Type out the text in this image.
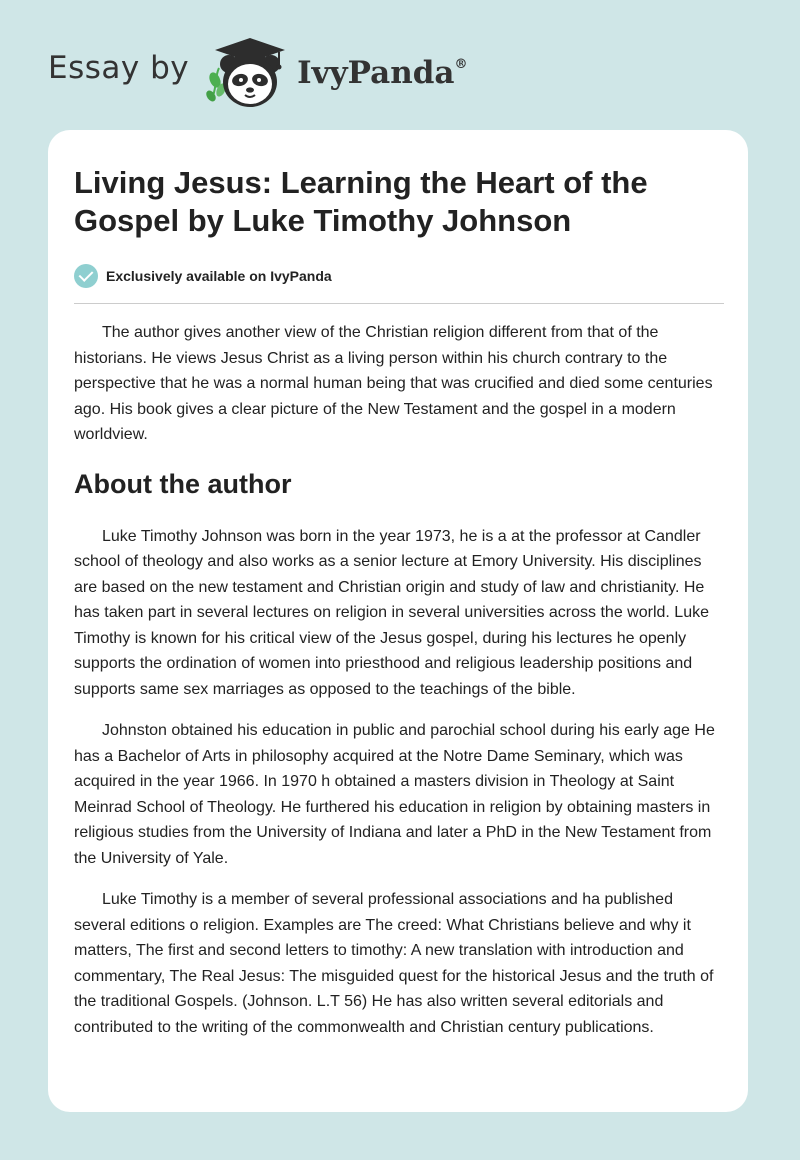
Essay by	IvyPanda®
Living Jesus: Learning the Heart of the Gospel by Luke Timothy Johnson
Exclusively available on IvyPanda

The author gives another view of the Christian religion different from that of the historians. He views Jesus Christ as a living person within his church contrary to the perspective that he was a normal human being that was crucified and died some centuries ago. His book gives a clear picture of the New Testament and the gospel in a modern worldview.

About the author

Luke Timothy Johnson was born in the year 1973, he is a at the professor at Candler school of theology and also works as a senior lecture at Emory University. His disciplines are based on the new testament and Christian origin and study of law and christianity. He has taken part in several lectures on religion in several universities across the world. Luke Timothy is known for his critical view of the Jesus gospel, during his lectures he openly supports the ordination of women into priesthood and religious leadership positions and supports same sex marriages as opposed to the teachings of the bible.

Johnston obtained his education in public and parochial school during his early age He has a Bachelor of Arts in philosophy acquired at the Notre Dame Seminary, which was acquired in the year 1966. In 1970 h obtained a masters division in Theology at Saint Meinrad School of Theology. He furthered his education in religion by obtaining masters in religious studies from the University of Indiana and later a PhD in the New Testament from the University of Yale.

Luke Timothy is a member of several professional associations and ha published several editions o religion. Examples are The creed: What Christians believe and why it matters, The first and second letters to timothy: A new translation with introduction and commentary, The Real Jesus: The misguided quest for the historical Jesus and the truth of the traditional Gospels. (Johnson. L.T 56) He has also written several editorials and contributed to the writing of the commonwealth and Christian century publications.
